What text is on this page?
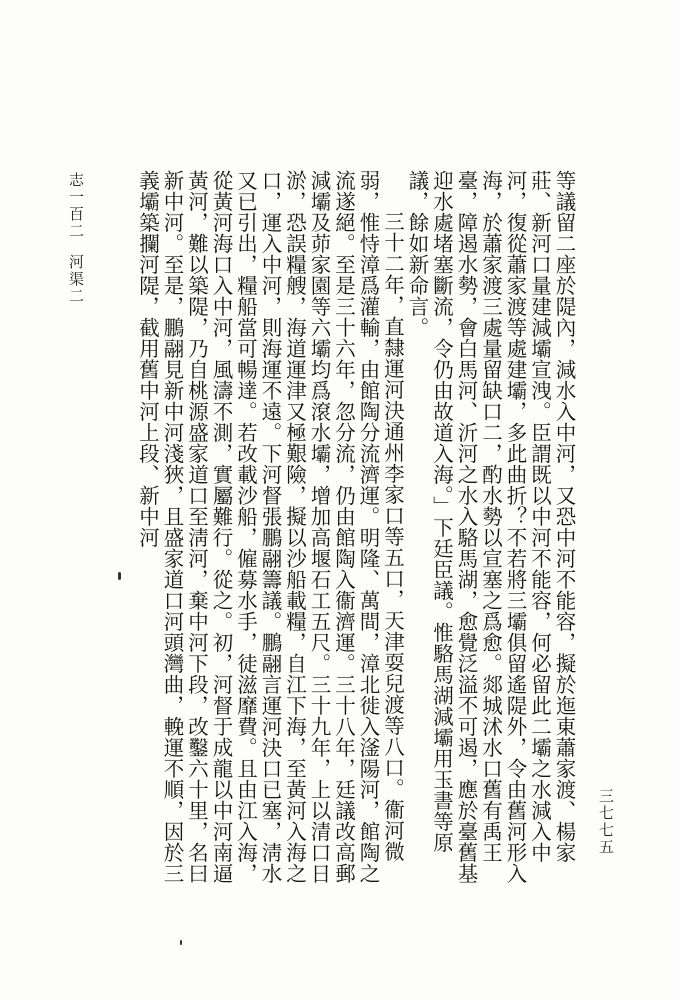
等議留二座於隄內，減水入中河，又恐中河不能容，擬於迤東蕭家渡、楊家莊、新河口量建減壩宣洩。臣謂既以中河不能容，何必留此二壩之水減入中河，復從蕭家渡等處建壩，多此曲折？不若將三壩俱留遙隄外，令由舊河形入海，於蕭家渡三處量留缺口二，酌水勢以宣塞之爲愈。郯城沭水口舊有禹王臺，障遏水勢，會白馬河、沂河之水入駱馬湖，愈覺泛溢不可遏，應於臺舊基迎水處堵塞斷流，令仍由故道入海。」下廷臣議。惟駱馬湖減壩用玉書等原議，餘如新命言。

三十二年，直隸運河決通州李家口等五口，天津耍兒渡等八口。衞河微弱，惟恃漳爲灌輸，由館陶分流濟運。明隆、萬間，漳北徙入滏陽河，館陶之流遂絕。至是三十六年，忽分流，仍由館陶入衞濟運。三十八年，廷議改高郵減壩及茆家園等六壩均爲滾水壩，增加高堰石工五尺。三十九年，上以清口日淤，恐誤糧艘，海道運津又極艱險，擬以沙船載糧，自江下海，至黃河入海之口，運入中河，則海運不遠。下河督張鵬翮籌議。鵬翮言運河決口已塞，淸水又已引出，糧船當可暢達。若改載沙船，僱募水手，徒滋靡費。且由江入海，從黃河海口入中河，風濤不測，實屬難行。從之。初，河督于成龍以中河南逼黃河，難以築隄，乃自桃源盛家道口至淸河，棄中河下段，改鑿六十里，名曰新中河。至是，鵬翮見新中河淺狹，且盛家道口河頭灣曲，輓運不順，因於三義壩築攔河隄，截用舊中河上段、新中河

志一百二河渠二
三七七五
